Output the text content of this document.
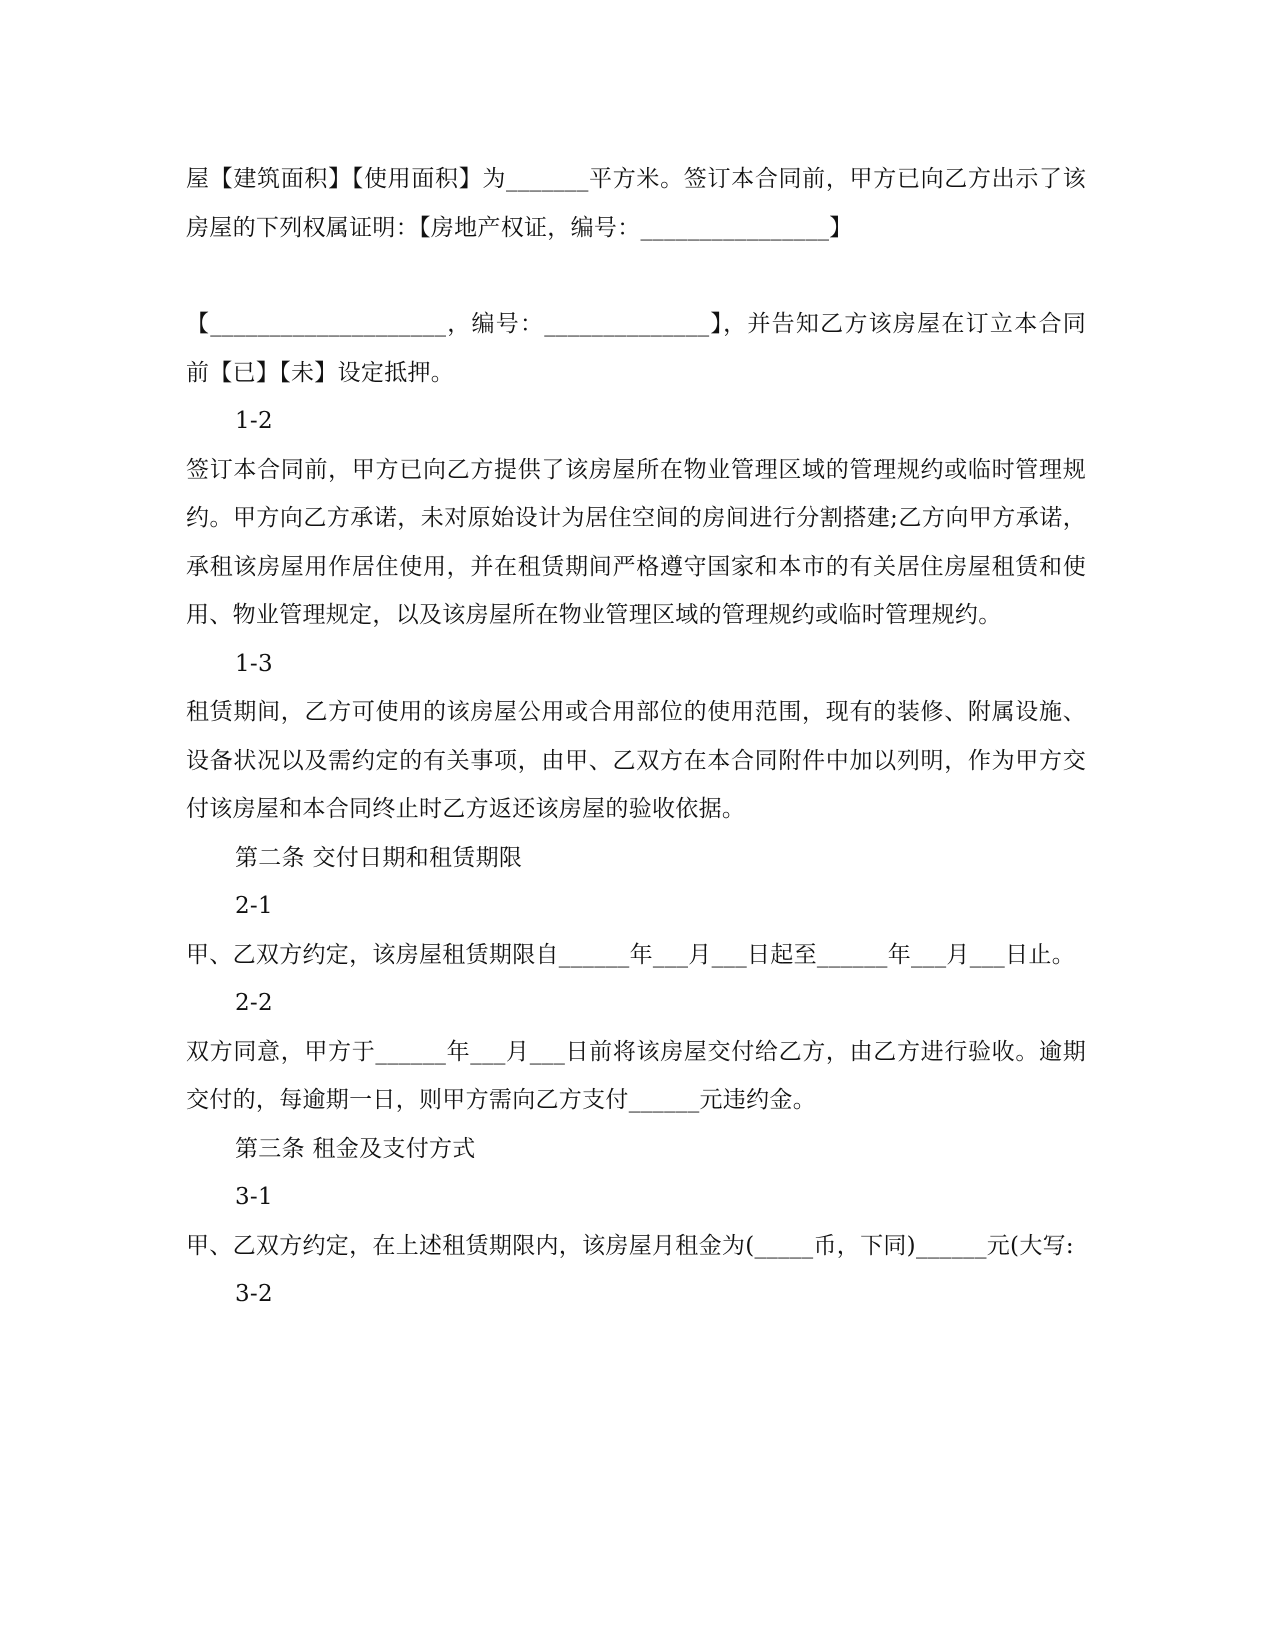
屋【建筑面积】【使用面积】为_______平方米。签订本合同前，甲方已向乙方出示了该房屋的下列权属证明：【房地产权证，编号：________________】

【____________________，编号：______________】，并告知乙方该房屋在订立本合同前【已】【未】设定抵押。

1-2

签订本合同前，甲方已向乙方提供了该房屋所在物业管理区域的管理规约或临时管理规约。甲方向乙方承诺，未对原始设计为居住空间的房间进行分割搭建;乙方向甲方承诺，承租该房屋用作居住使用，并在租赁期间严格遵守国家和本市的有关居住房屋租赁和使用、物业管理规定，以及该房屋所在物业管理区域的管理规约或临时管理规约。

1-3

租赁期间，乙方可使用的该房屋公用或合用部位的使用范围，现有的装修、附属设施、设备状况以及需约定的有关事项，由甲、乙双方在本合同附件中加以列明，作为甲方交付该房屋和本合同终止时乙方返还该房屋的验收依据。

第二条 交付日期和租赁期限

2-1

甲、乙双方约定，该房屋租赁期限自______年___月___日起至______年___月___日止。

2-2

双方同意，甲方于______年___月___日前将该房屋交付给乙方，由乙方进行验收。逾期交付的，每逾期一日，则甲方需向乙方支付______元违约金。

第三条 租金及支付方式

3-1

甲、乙双方约定，在上述租赁期限内，该房屋月租金为(_____币，下同)______元(大写:

3-2
